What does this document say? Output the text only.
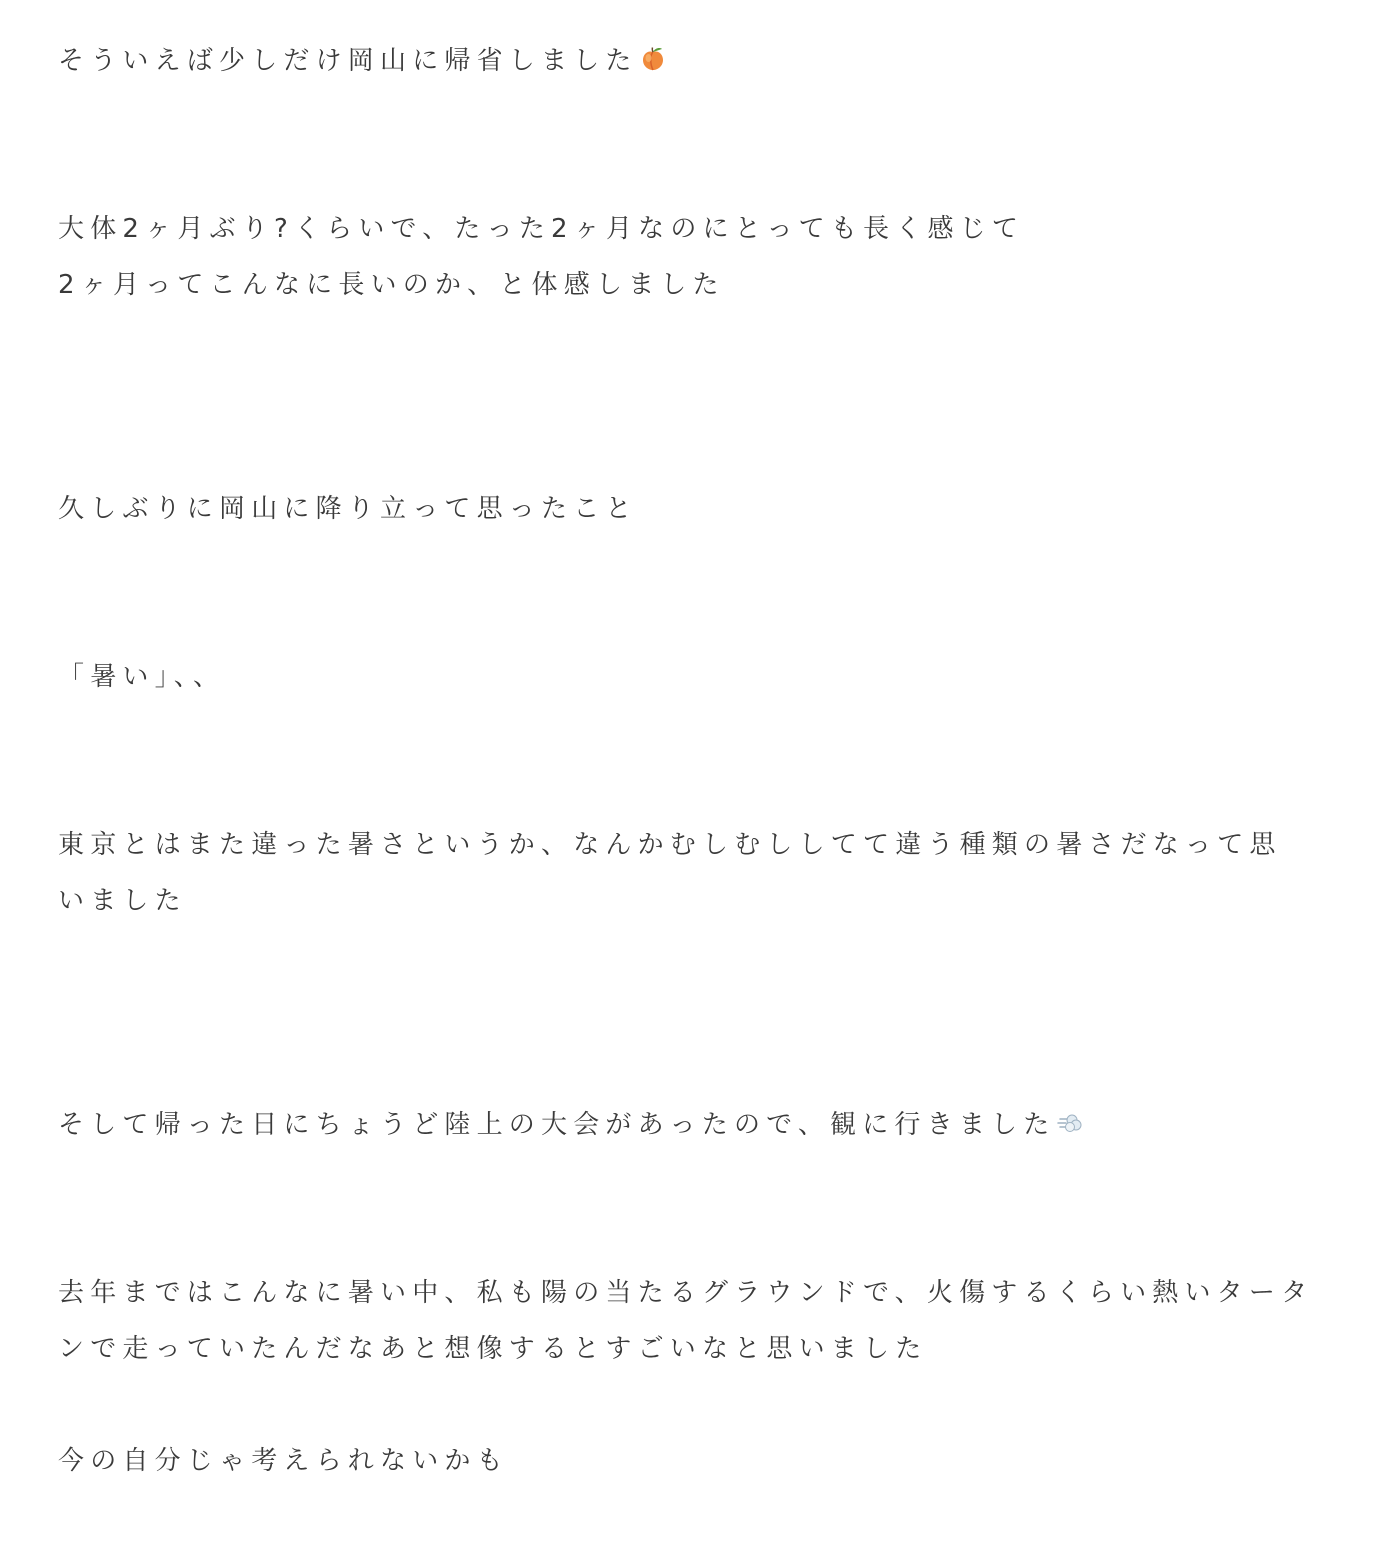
そういえば少しだけ岡山に帰省しました
大体2ヶ月ぶり?くらいで、たった2ヶ月なのにとっても長く感じて
2ヶ月ってこんなに長いのか、と体感しました
久しぶりに岡山に降り立って思ったこと
「暑い」、、
東京とはまた違った暑さというか、なんかむしむししてて違う種類の暑さだなって思
いました
そして帰った日にちょうど陸上の大会があったので、観に行きました
去年まではこんなに暑い中、私も陽の当たるグラウンドで、火傷するくらい熱いタータ
ンで走っていたんだなあと想像するとすごいなと思いました
今の自分じゃ考えられないかも
